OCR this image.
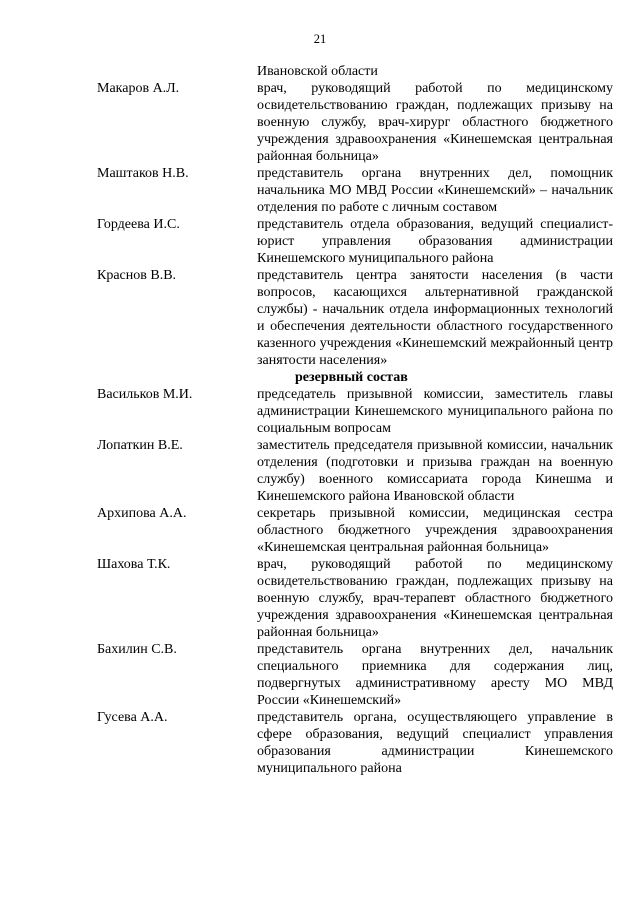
21
Ивановской области
Макаров А.Л.	врач, руководящий работой по медицинскому освидетельствованию граждан, подлежащих призыву на военную службу, врач-хирург областного бюджетного учреждения здравоохранения «Кинешемская центральная районная больница»
Маштаков Н.В.	представитель органа внутренних дел, помощник начальника МО МВД России «Кинешемский» – начальник отделения по работе с личным составом
Гордеева И.С.	представитель отдела образования, ведущий специалист-юрист управления образования администрации Кинешемского муниципального района
Краснов В.В.	представитель центра занятости населения (в части вопросов, касающихся альтернативной гражданской службы) - начальник отдела информационных технологий и обеспечения деятельности областного государственного казенного учреждения «Кинешемский межрайонный центр занятости населения»
резервный состав
Васильков М.И.	председатель призывной комиссии, заместитель главы администрации Кинешемского муниципального района по социальным вопросам
Лопаткин В.Е.	заместитель председателя призывной комиссии, начальник отделения (подготовки и призыва граждан на военную службу) военного комиссариата города Кинешма и Кинешемского района Ивановской области
Архипова А.А.	секретарь призывной комиссии, медицинская сестра областного бюджетного учреждения здравоохранения «Кинешемская центральная районная больница»
Шахова Т.К.	врач, руководящий работой по медицинскому освидетельствованию граждан, подлежащих призыву на военную службу, врач-терапевт областного бюджетного учреждения здравоохранения «Кинешемская центральная районная больница»
Бахилин С.В.	представитель органа внутренних дел, начальник специального приемника для содержания лиц, подвергнутых административному аресту МО МВД России «Кинешемский»
Гусева А.А.	представитель органа, осуществляющего управление в сфере образования, ведущий специалист управления образования администрации Кинешемского муниципального района
